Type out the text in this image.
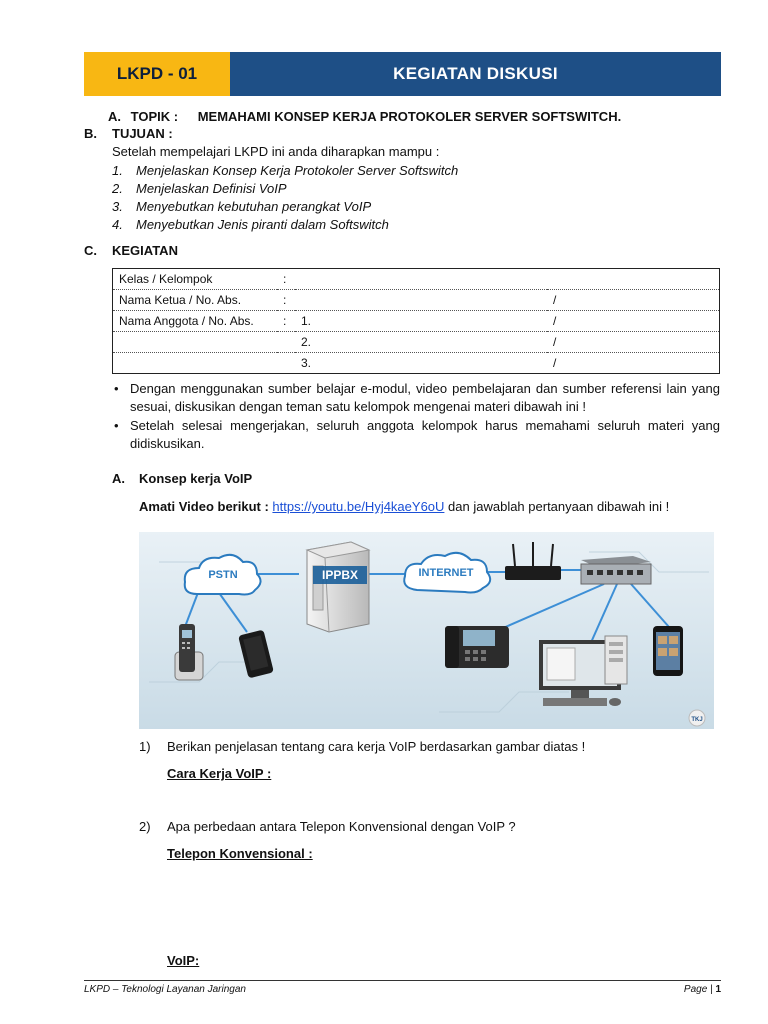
LKPD - 01	KEGIATAN DISKUSI
A. TOPIK : MEMAHAMI KONSEP KERJA PROTOKOLER SERVER SOFTSWITCH.
B. TUJUAN :
Setelah mempelajari LKPD ini anda diharapkan mampu :
1. Menjelaskan Konsep Kerja Protokoler Server Softswitch
2. Menjelaskan Definisi VoIP
3. Menyebutkan kebutuhan perangkat VoIP
4. Menyebutkan Jenis piranti dalam Softswitch
C. KEGIATAN
Kelas / Kelompok	:		
Nama Ketua / No. Abs.	:		/
Nama Anggota / No. Abs.	:	1.	/
		2.	/
		3.	/
• Dengan menggunakan sumber belajar e-modul, video pembelajaran dan sumber referensi lain yang sesuai, diskusikan dengan teman satu kelompok mengenai materi dibawah ini !
• Setelah selesai mengerjakan, seluruh anggota kelompok harus memahami seluruh materi yang didiskusikan.
A. Konsep kerja VoIP
Amati Video berikut : https://youtu.be/Hyj4kaeY6oU dan jawablah pertanyaan dibawah ini !
PSTN	IPPBX	INTERNET
TKJ
1) Berikan penjelasan tentang cara kerja VoIP berdasarkan gambar diatas !
Cara Kerja VoIP :
2) Apa perbedaan antara Telepon Konvensional dengan VoIP ?
Telepon Konvensional :
VoIP:
LKPD – Teknologi Layanan Jaringan	Page | 1
